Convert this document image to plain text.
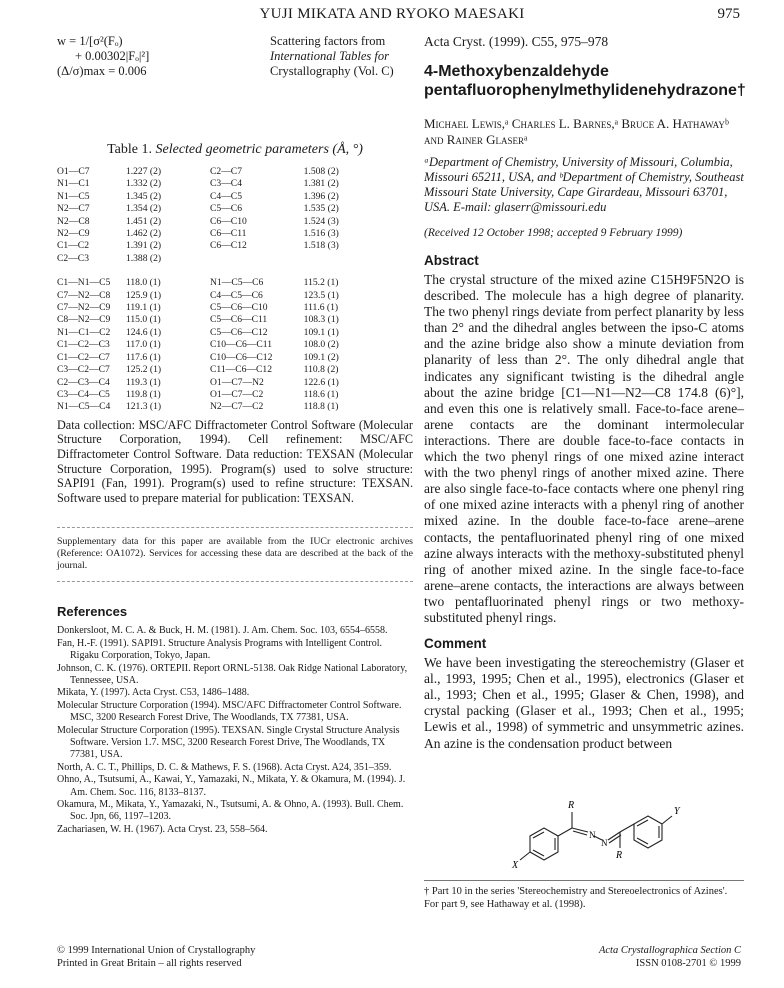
YUJI MIKATA AND RYOKO MAESAKI	975
w = 1/[σ²(Fₒ)
+ 0.00302|Fₒ|²]
(Δ/σ)max = 0.006
Scattering factors from
International Tables for
Crystallography (Vol. C)
Table 1. Selected geometric parameters (Å, °)
O1—C7	1.227 (2)	C2—C7	1.508 (2)
N1—C1	1.332 (2)	C3—C4	1.381 (2)
N1—C5	1.345 (2)	C4—C5	1.396 (2)
N2—C7	1.354 (2)	C5—C6	1.535 (2)
N2—C8	1.451 (2)	C6—C10	1.524 (3)
N2—C9	1.462 (2)	C6—C11	1.516 (3)
C1—C2	1.391 (2)	C6—C12	1.518 (3)
C2—C3	1.388 (2)		

C1—N1—C5	118.0 (1)	N1—C5—C6	115.2 (1)
C7—N2—C8	125.9 (1)	C4—C5—C6	123.5 (1)
C7—N2—C9	119.1 (1)	C5—C6—C10	111.6 (1)
C8—N2—C9	115.0 (1)	C5—C6—C11	108.3 (1)
N1—C1—C2	124.6 (1)	C5—C6—C12	109.1 (1)
C1—C2—C3	117.0 (1)	C10—C6—C11	108.0 (2)
C1—C2—C7	117.6 (1)	C10—C6—C12	109.1 (2)
C3—C2—C7	125.2 (1)	C11—C6—C12	110.8 (2)
C2—C3—C4	119.3 (1)	O1—C7—N2	122.6 (1)
C3—C4—C5	119.8 (1)	O1—C7—C2	118.6 (1)
N1—C5—C4	121.3 (1)	N2—C7—C2	118.8 (1)
Data collection: MSC/AFC Diffractometer Control Software (Molecular Structure Corporation, 1994). Cell refinement: MSC/AFC Diffractometer Control Software. Data reduction: TEXSAN (Molecular Structure Corporation, 1995). Program(s) used to solve structure: SAPI91 (Fan, 1991). Program(s) used to refine structure: TEXSAN. Software used to prepare material for publication: TEXSAN.
Supplementary data for this paper are available from the IUCr electronic archives (Reference: OA1072). Services for accessing these data are described at the back of the journal.
References
Donkersloot, M. C. A. & Buck, H. M. (1981). J. Am. Chem. Soc. 103, 6554–6558.
Fan, H.-F. (1991). SAPI91. Structure Analysis Programs with Intelligent Control. Rigaku Corporation, Tokyo, Japan.
Johnson, C. K. (1976). ORTEPII. Report ORNL-5138. Oak Ridge National Laboratory, Tennessee, USA.
Mikata, Y. (1997). Acta Cryst. C53, 1486–1488.
Molecular Structure Corporation (1994). MSC/AFC Diffractometer Control Software. MSC, 3200 Research Forest Drive, The Woodlands, TX 77381, USA.
Molecular Structure Corporation (1995). TEXSAN. Single Crystal Structure Analysis Software. Version 1.7. MSC, 3200 Research Forest Drive, The Woodlands, TX 77381, USA.
North, A. C. T., Phillips, D. C. & Mathews, F. S. (1968). Acta Cryst. A24, 351–359.
Ohno, A., Tsutsumi, A., Kawai, Y., Yamazaki, N., Mikata, Y. & Okamura, M. (1994). J. Am. Chem. Soc. 116, 8133–8137.
Okamura, M., Mikata, Y., Yamazaki, N., Tsutsumi, A. & Ohno, A. (1993). Bull. Chem. Soc. Jpn, 66, 1197–1203.
Zachariasen, W. H. (1967). Acta Cryst. 23, 558–564.
Acta Cryst. (1999). C55, 975–978
4-Methoxybenzaldehyde pentafluorophenylmethylidenehydrazone†
Michael Lewis,ᵃ Charles L. Barnes,ᵃ Bruce A. Hathawayᵇ and Rainer Glaserᵃ
ᵃDepartment of Chemistry, University of Missouri, Columbia, Missouri 65211, USA, and ᵇDepartment of Chemistry, Southeast Missouri State University, Cape Girardeau, Missouri 63701, USA. E-mail: glaserr@missouri.edu
(Received 12 October 1998; accepted 9 February 1999)
Abstract
The crystal structure of the mixed azine C15H9F5N2O is described. The molecule has a high degree of planarity. The two phenyl rings deviate from perfect planarity by less than 2° and the dihedral angles between the ipso-C atoms and the azine bridge also show a minute deviation from planarity of less than 2°. The only dihedral angle that indicates any significant twisting is the dihedral angle about the azine bridge [C1—N1—N2—C8 174.8 (6)°], and even this one is relatively small. Face-to-face arene–arene contacts are the dominant intermolecular interactions. There are double face-to-face contacts in which the two phenyl rings of one mixed azine interact with the two phenyl rings of another mixed azine. There are also single face-to-face contacts where one phenyl ring of one mixed azine interacts with a phenyl ring of another mixed azine. In the double face-to-face arene–arene contacts, the pentafluorinated phenyl ring of one mixed azine always interacts with the methoxy-substituted phenyl ring of another mixed azine. In the single face-to-face arene–arene contacts, the interactions are always between two pentafluorinated phenyl rings or two methoxy-substituted phenyl rings.
Comment
We have been investigating the stereochemistry (Glaser et al., 1993, 1995; Chen et al., 1995), electronics (Glaser et al., 1993; Chen et al., 1995; Glaser & Chen, 1998), and crystal packing (Glaser et al., 1993; Chen et al., 1995; Lewis et al., 1998) of symmetric and unsymmetric azines. An azine is the condensation product between
R
R
Y
X
N
N
† Part 10 in the series 'Stereochemistry and Stereoelectronics of Azines'. For part 9, see Hathaway et al. (1998).
© 1999 International Union of Crystallography
Printed in Great Britain – all rights reserved
Acta Crystallographica Section C
ISSN 0108-2701 © 1999
